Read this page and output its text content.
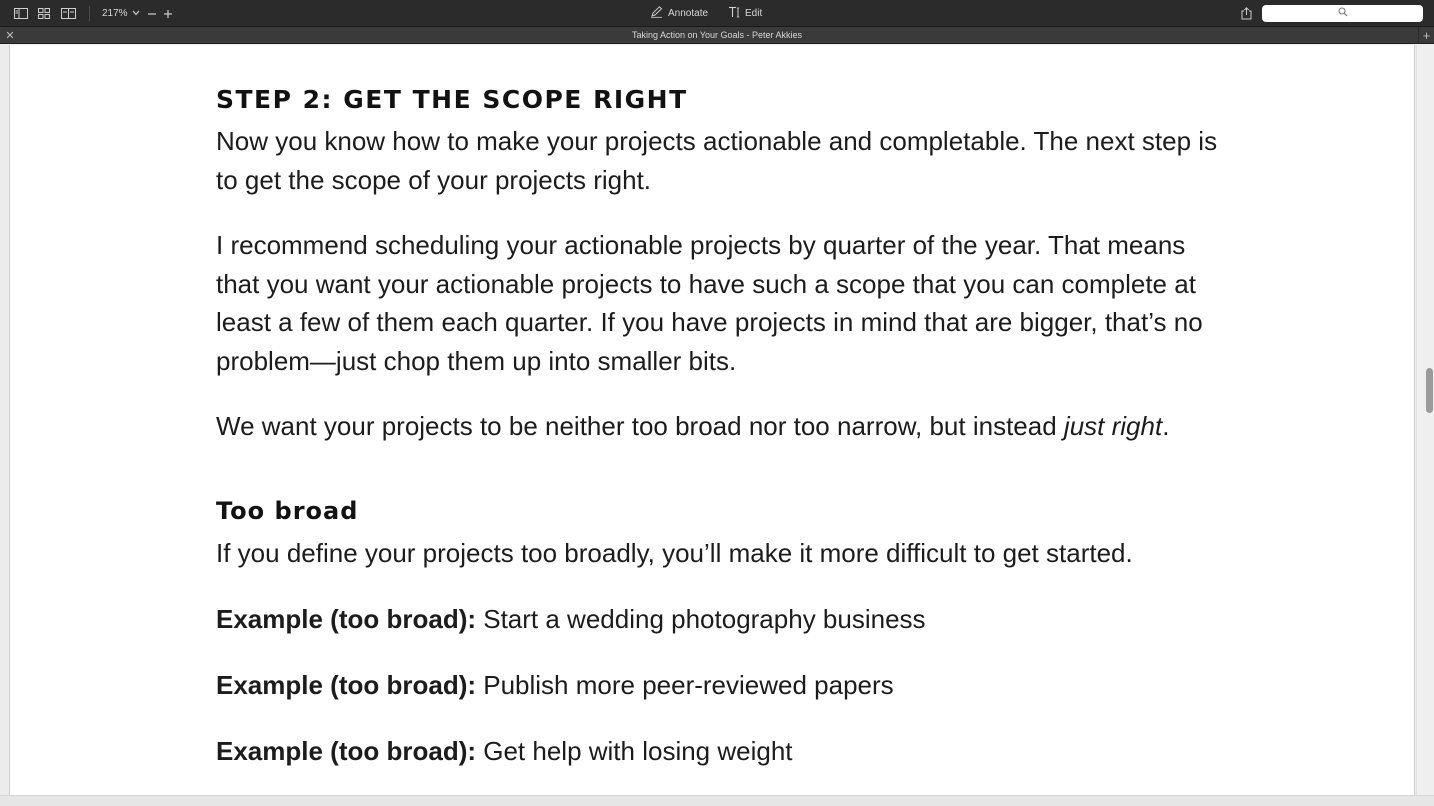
217%	Annotate	Edit
Taking Action on Your Goals - Peter Akkies
✕	+
STEP 2: GET THE SCOPE RIGHT
Now you know how to make your projects actionable and completable. The next step is to get the scope of your projects right.
I recommend scheduling your actionable projects by quarter of the year. That means that you want your actionable projects to have such a scope that you can complete at least a few of them each quarter. If you have projects in mind that are bigger, that’s no problem—just chop them up into smaller bits.
We want your projects to be neither too broad nor too narrow, but instead just right.
Too broad
If you define your projects too broadly, you’ll make it more difficult to get started.
Example (too broad): Start a wedding photography business
Example (too broad): Publish more peer-reviewed papers
Example (too broad): Get help with losing weight
